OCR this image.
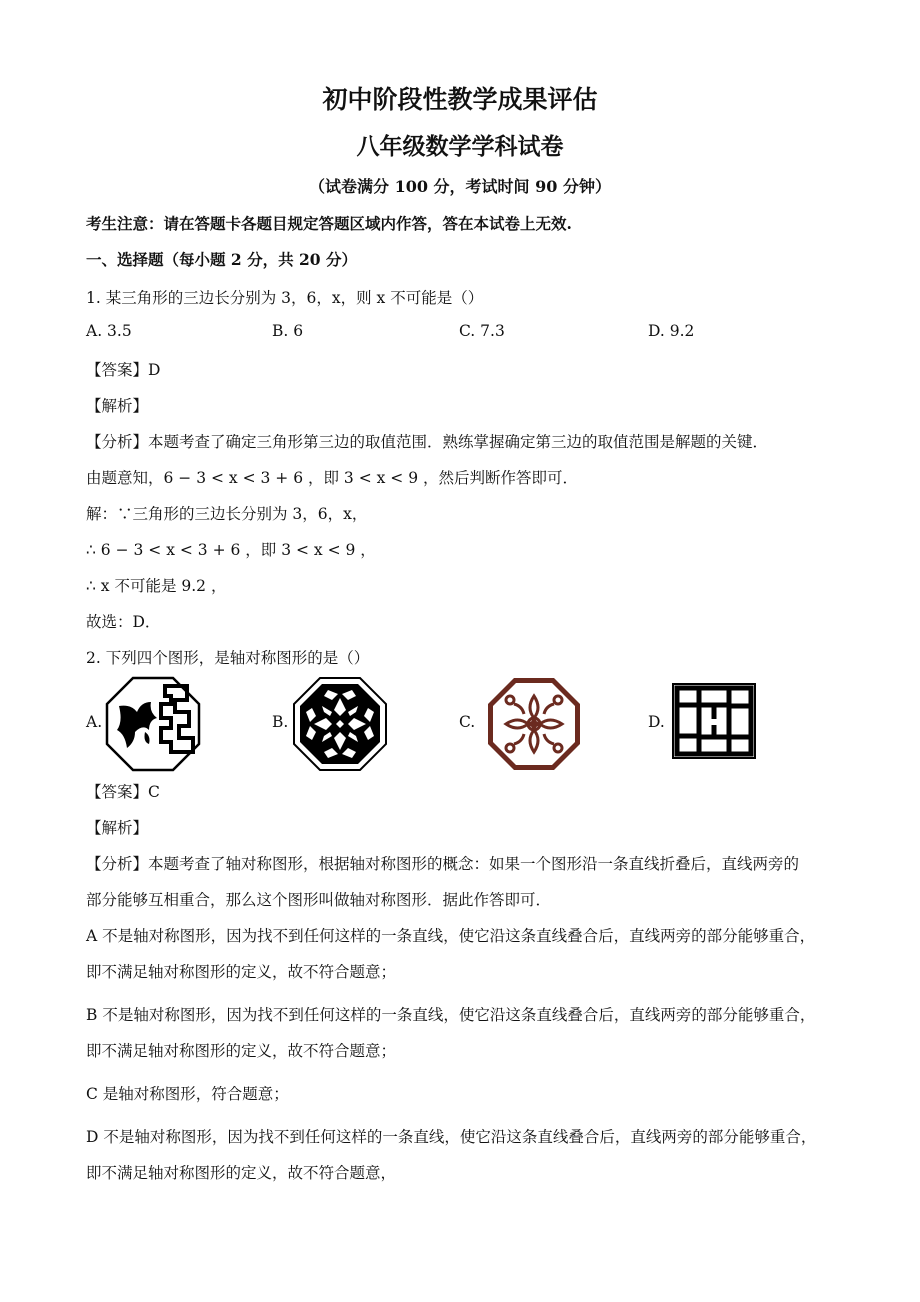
初中阶段性教学成果评估
八年级数学学科试卷
（试卷满分 100 分，考试时间 90 分钟）
考生注意：请在答题卡各题目规定答题区域内作答，答在本试卷上无效.
一、选择题（每小题 2 分，共 20 分）
1. 某三角形的三边长分别为 3，6，x，则 x 不可能是（）
A. 3.5	B. 6	C. 7.3	D. 9.2
【答案】D
【解析】
【分析】本题考查了确定三角形第三边的取值范围．熟练掌握确定第三边的取值范围是解题的关键．
由题意知，6 − 3 < x < 3 + 6 ，即 3 < x < 9 ，然后判断作答即可．
解：∵三角形的三边长分别为 3，6，x，
∴ 6 − 3 < x < 3 + 6 ，即 3 < x < 9 ，
∴ x 不可能是 9.2 ，
故选：D．
2. 下列四个图形，是轴对称图形的是（）
A.	B.	C.	D.
【答案】C
【解析】
【分析】本题考查了轴对称图形，根据轴对称图形的概念：如果一个图形沿一条直线折叠后，直线两旁的
部分能够互相重合，那么这个图形叫做轴对称图形．据此作答即可．
A 不是轴对称图形，因为找不到任何这样的一条直线，使它沿这条直线叠合后，直线两旁的部分能够重合，
即不满足轴对称图形的定义，故不符合题意；
B 不是轴对称图形，因为找不到任何这样的一条直线，使它沿这条直线叠合后，直线两旁的部分能够重合，
即不满足轴对称图形的定义，故不符合题意；
C 是轴对称图形，符合题意；
D 不是轴对称图形，因为找不到任何这样的一条直线，使它沿这条直线叠合后，直线两旁的部分能够重合，
即不满足轴对称图形的定义，故不符合题意，
